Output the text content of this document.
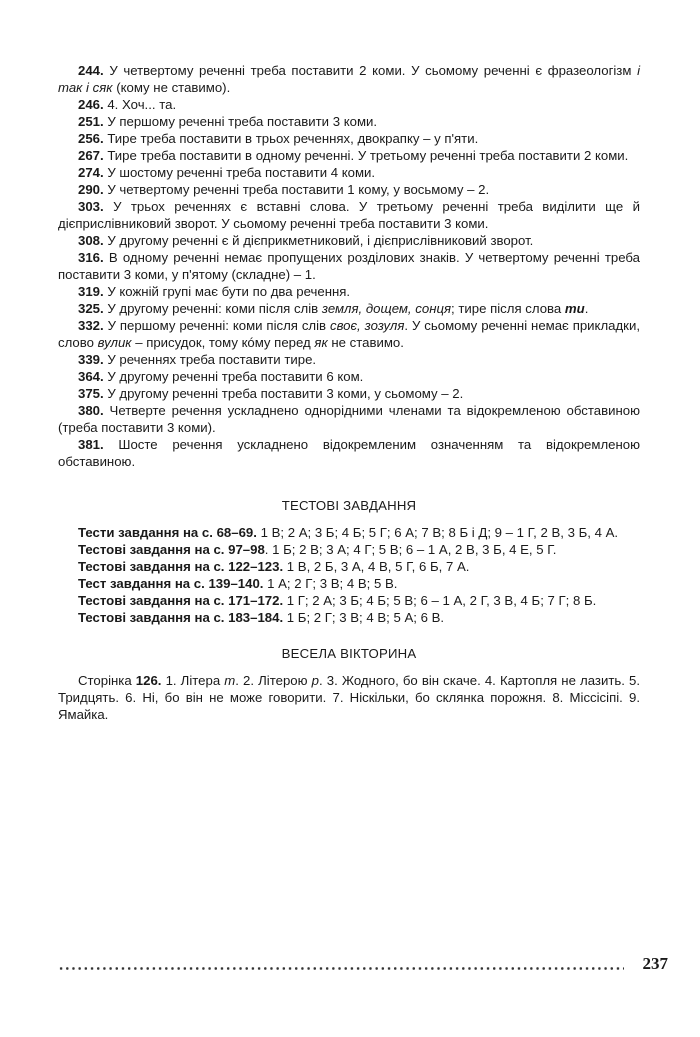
244. У четвертому реченні треба поставити 2 коми. У сьомому реченні є фразеологізм і так і сяк (кому не ставимо).

246. 4. Хоч... та.

251. У першому реченні треба поставити 3 коми.

256. Тире треба поставити в трьох реченнях, двокрапку – у п'яти.

267. Тире треба поставити в одному реченні. У третьому реченні треба поставити 2 коми.

274. У шостому реченні треба поставити 4 коми.

290. У четвертому реченні треба поставити 1 кому, у восьмому – 2.

303. У трьох реченнях є вставні слова. У третьому реченні треба виділити ще й дієприслівниковий зворот. У сьомому реченні треба поставити 3 коми.

308. У другому реченні є й дієприкметниковий, і дієприслівниковий зворот.

316. В одному реченні немає пропущених розділових знаків. У четвертому реченні треба поставити 3 коми, у п'ятому (складне) – 1.

319. У кожній групі має бути по два речення.

325. У другому реченні: коми після слів земля, дощем, сонця; тире після слова ти.

332. У першому реченні: коми після слів своє, зозуля. У сьомому реченні немає прикладки, слово вулик – присудок, тому кóму перед як не ставимо.

339. У реченнях треба поставити тире.

364. У другому реченні треба поставити 6 ком.

375. У другому реченні треба поставити 3 коми, у сьомому – 2.

380. Четверте речення ускладнено однорідними членами та відокремленою обставиною (треба поставити 3 коми).

381. Шосте речення ускладнено відокремленим означенням та відокремленою обставиною.

ТЕСТОВІ ЗАВДАННЯ

Тести завдання на с. 68–69. 1 В; 2 А; 3 Б; 4 Б; 5 Г; 6 А; 7 В; 8 Б і Д; 9 – 1 Г, 2 В, 3 Б, 4 А.

Тестові завдання на с. 97–98. 1 Б; 2 В; 3 А; 4 Г; 5 В; 6 – 1 А, 2 В, 3 Б, 4 Е, 5 Г.

Тестові завдання на с. 122–123. 1 В, 2 Б, 3 А, 4 В, 5 Г, 6 Б, 7 А.

Тест завдання на с. 139–140. 1 А; 2 Г; 3 В; 4 В; 5 В.

Тестові завдання на с. 171–172. 1 Г; 2 А; 3 Б; 4 Б; 5 В; 6 – 1 А, 2 Г, 3 В, 4 Б; 7 Г; 8 Б.

Тестові завдання на с. 183–184. 1 Б; 2 Г; 3 В; 4 В; 5 А; 6 В.

ВЕСЕЛА ВІКТОРИНА

Сторінка 126. 1. Літера т. 2. Літерою р. 3. Жодного, бо він скаче. 4. Картопля не лазить. 5. Тридцять. 6. Ні, бо він не може говорити. 7. Нiскiльки, бо склянка порожня. 8. Міссісіпі. 9. Ямайка.

237
